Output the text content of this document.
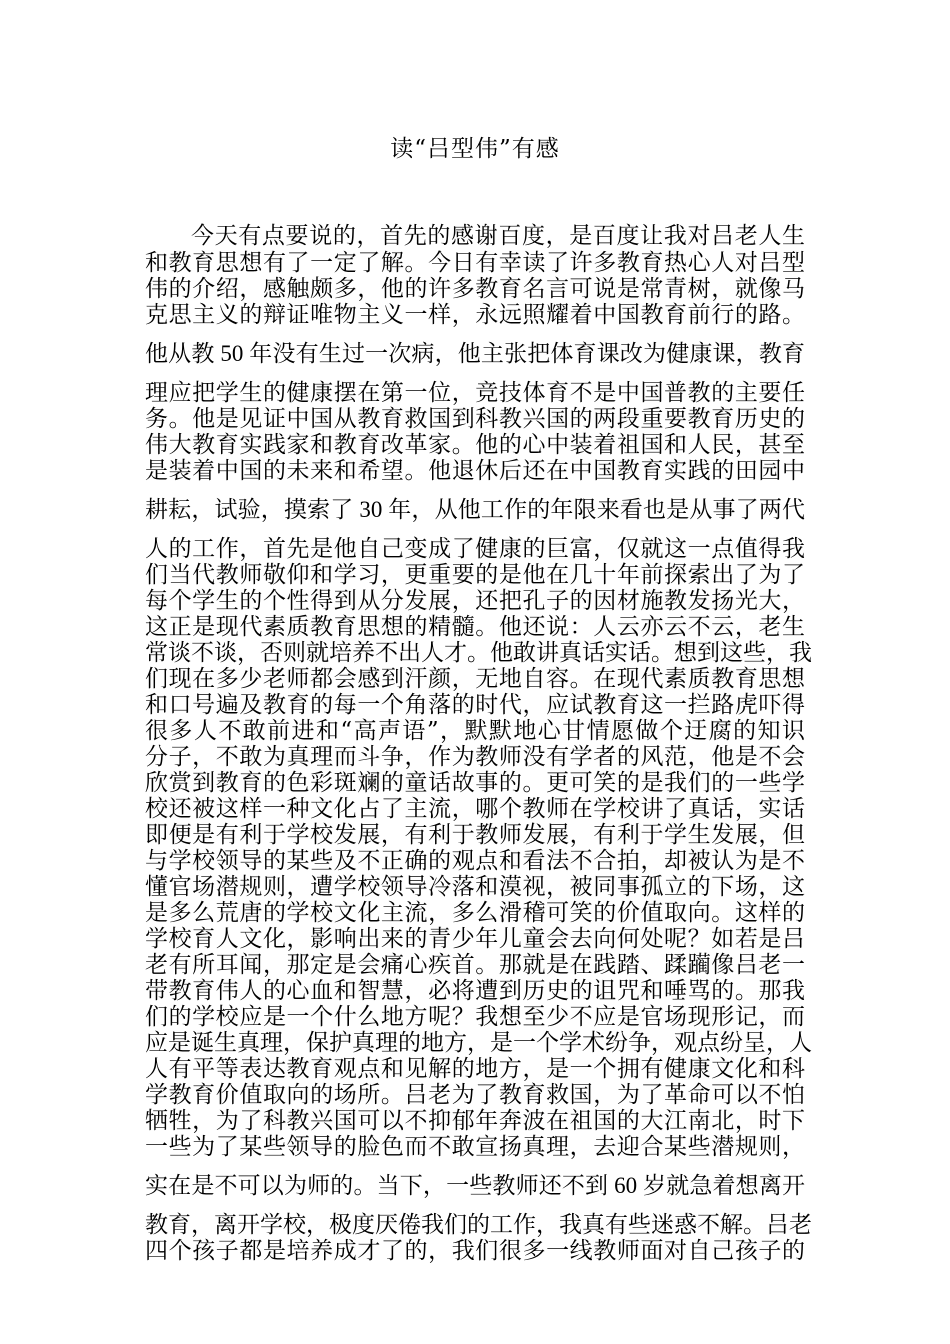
读“吕型伟”有感
今天有点要说的，首先的感谢百度，是百度让我对吕老人生
和教育思想有了一定了解。今日有幸读了许多教育热心人对吕型
伟的介绍，感触颇多，他的许多教育名言可说是常青树，就像马
克思主义的辩证唯物主义一样，永远照耀着中国教育前行的路。
他从教 50 年没有生过一次病，他主张把体育课改为健康课，教育
理应把学生的健康摆在第一位，竞技体育不是中国普教的主要任
务。他是见证中国从教育救国到科教兴国的两段重要教育历史的
伟大教育实践家和教育改革家。他的心中装着祖国和人民，甚至
是装着中国的未来和希望。他退休后还在中国教育实践的田园中
耕耘，试验，摸索了 30 年，从他工作的年限来看也是从事了两代
人的工作，首先是他自己变成了健康的巨富，仅就这一点值得我
们当代教师敬仰和学习，更重要的是他在几十年前探索出了为了
每个学生的个性得到从分发展，还把孔子的因材施教发扬光大，
这正是现代素质教育思想的精髓。他还说：人云亦云不云，老生
常谈不谈，否则就培养不出人才。他敢讲真话实话。想到这些，我
们现在多少老师都会感到汗颜，无地自容。在现代素质教育思想
和口号遍及教育的每一个角落的时代，应试教育这一拦路虎吓得
很多人不敢前进和“高声语”，默默地心甘情愿做个迂腐的知识
分子，不敢为真理而斗争，作为教师没有学者的风范，他是不会
欣赏到教育的色彩斑斓的童话故事的。更可笑的是我们的一些学
校还被这样一种文化占了主流，哪个教师在学校讲了真话，实话
即便是有利于学校发展，有利于教师发展，有利于学生发展，但
与学校领导的某些及不正确的观点和看法不合拍，却被认为是不
懂官场潜规则，遭学校领导冷落和漠视，被同事孤立的下场，这
是多么荒唐的学校文化主流，多么滑稽可笑的价值取向。这样的
学校育人文化，影响出来的青少年儿童会去向何处呢？如若是吕
老有所耳闻，那定是会痛心疾首。那就是在践踏、蹂躏像吕老一
带教育伟人的心血和智慧，必将遭到历史的诅咒和唾骂的。那我
们的学校应是一个什么地方呢？我想至少不应是官场现形记，而
应是诞生真理，保护真理的地方，是一个学术纷争，观点纷呈，人
人有平等表达教育观点和见解的地方，是一个拥有健康文化和科
学教育价值取向的场所。吕老为了教育救国，为了革命可以不怕
牺牲，为了科教兴国可以不抑郁年奔波在祖国的大江南北，时下
一些为了某些领导的脸色而不敢宣扬真理，去迎合某些潜规则，
实在是不可以为师的。当下，一些教师还不到 60 岁就急着想离开
教育，离开学校，极度厌倦我们的工作，我真有些迷惑不解。吕老
四个孩子都是培养成才了的，我们很多一线教师面对自己孩子的
